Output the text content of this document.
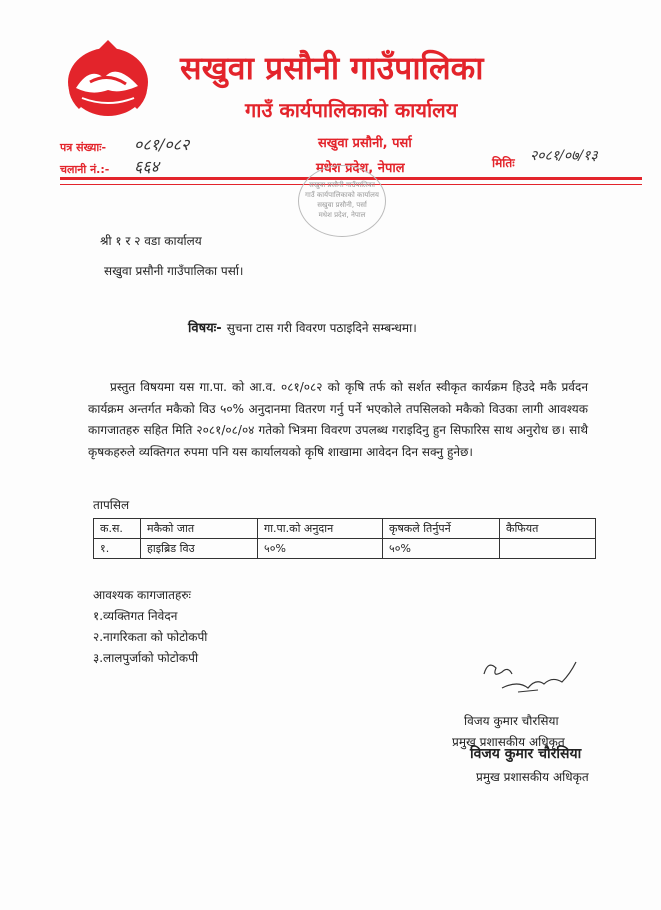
सखुवा प्रसौनी गाउँपालिका
गाउँ कार्यपालिकाको कार्यालय
पत्र संख्याः- ०८१/०८२
चलानी नं.:- ६६४
सखुवा प्रसौनी, पर्सा
मधेश प्रदेश, नेपाल	मितिः २०८१/०७/१३
सखुवा प्रसौनी गाउँपालिका
गाउँ कार्यपालिकाको कार्यालय
सखुवा प्रसौनी, पर्सा
मधेश प्रदेश, नेपाल
श्री १ र २ वडा कार्यालय
सखुवा प्रसौनी गाउँपालिका पर्सा।
विषयः- सुचना टास गरी विवरण पठाइदिने सम्बन्धमा।
प्रस्तुत विषयमा यस गा.पा. को आ.व. ०८१/०८२ को कृषि तर्फ को सर्शत स्वीकृत कार्यक्रम हिउदे मकै प्रर्वदन कार्यक्रम अन्तर्गत मकैको विउ ५०% अनुदानमा वितरण गर्नु पर्ने भएकोले तपसिलको मकैको विउका लागी आवश्यक कागजातहरु सहित मिति २०८१/०८/०४ गतेको भित्रमा विवरण उपलब्ध गराइदिनु हुन सिफारिस साथ अनुरोध छ। साथै कृषकहरुले व्यक्तिगत रुपमा पनि यस कार्यालयको कृषि शाखामा आवेदन दिन सक्नु हुनेछ।
तापसिल
क.स.	मकैको जात	गा.पा.को अनुदान	कृषकले तिर्नुपर्ने	कैफियत
१.	हाइब्रिड विउ	५०%	५०%	
आवश्यक कागजातहरुः
१.व्यक्तिगत निवेदन
२.नागरिकता को फोटोकपी
३.लालपुर्जाको फोटोकपी
विजय कुमार चौरसिया
प्रमुख प्रशासकीय अधिकृत
विजय कुमार चौरसिया
प्रमुख प्रशासकीय अधिकृत
